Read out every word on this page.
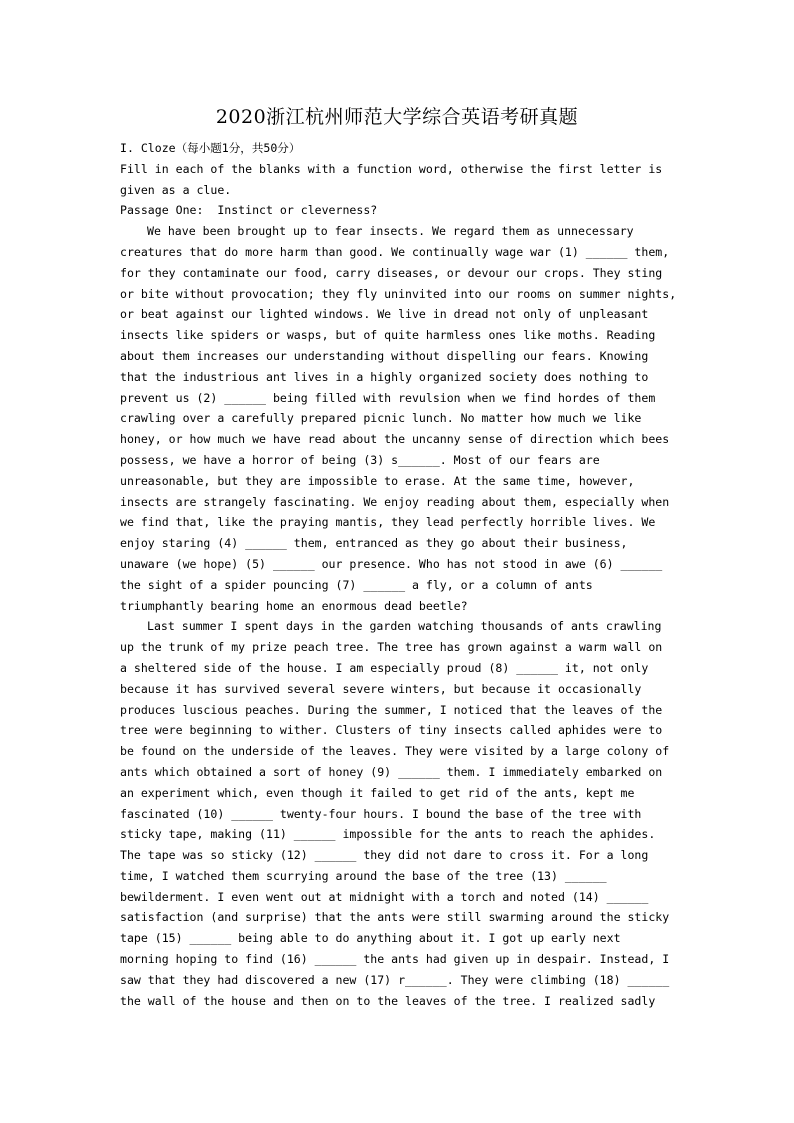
2020浙江杭州师范大学综合英语考研真题
I. Cloze（每小题1分，共50分）
Fill in each of the blanks with a function word, otherwise the first letter is
given as a clue.
Passage One:  Instinct or cleverness?
We have been brought up to fear insects. We regard them as unnecessary
creatures that do more harm than good. We continually wage war (1) ______ them,
for they contaminate our food, carry diseases, or devour our crops. They sting
or bite without provocation; they fly uninvited into our rooms on summer nights,
or beat against our lighted windows. We live in dread not only of unpleasant
insects like spiders or wasps, but of quite harmless ones like moths. Reading
about them increases our understanding without dispelling our fears. Knowing
that the industrious ant lives in a highly organized society does nothing to
prevent us (2) ______ being filled with revulsion when we find hordes of them
crawling over a carefully prepared picnic lunch. No matter how much we like
honey, or how much we have read about the uncanny sense of direction which bees
possess, we have a horror of being (3) s______. Most of our fears are
unreasonable, but they are impossible to erase. At the same time, however,
insects are strangely fascinating. We enjoy reading about them, especially when
we find that, like the praying mantis, they lead perfectly horrible lives. We
enjoy staring (4) ______ them, entranced as they go about their business,
unaware (we hope) (5) ______ our presence. Who has not stood in awe (6) ______
the sight of a spider pouncing (7) ______ a fly, or a column of ants
triumphantly bearing home an enormous dead beetle?
Last summer I spent days in the garden watching thousands of ants crawling
up the trunk of my prize peach tree. The tree has grown against a warm wall on
a sheltered side of the house. I am especially proud (8) ______ it, not only
because it has survived several severe winters, but because it occasionally
produces luscious peaches. During the summer, I noticed that the leaves of the
tree were beginning to wither. Clusters of tiny insects called aphides were to
be found on the underside of the leaves. They were visited by a large colony of
ants which obtained a sort of honey (9) ______ them. I immediately embarked on
an experiment which, even though it failed to get rid of the ants, kept me
fascinated (10) ______ twenty-four hours. I bound the base of the tree with
sticky tape, making (11) ______ impossible for the ants to reach the aphides.
The tape was so sticky (12) ______ they did not dare to cross it. For a long
time, I watched them scurrying around the base of the tree (13) ______
bewilderment. I even went out at midnight with a torch and noted (14) ______
satisfaction (and surprise) that the ants were still swarming around the sticky
tape (15) ______ being able to do anything about it. I got up early next
morning hoping to find (16) ______ the ants had given up in despair. Instead, I
saw that they had discovered a new (17) r______. They were climbing (18) ______
the wall of the house and then on to the leaves of the tree. I realized sadly
